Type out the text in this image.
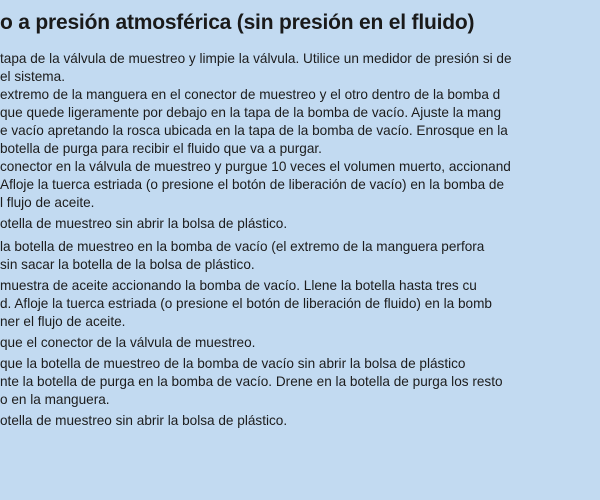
o a presión atmosférica (sin presión en el fluido)
tapa de la válvula de muestreo y limpie la válvula. Utilice un medidor de presión si de
el sistema.
extremo de la manguera en el conector de muestreo y el otro dentro de la bomba d
que quede ligeramente por debajo en la tapa de la bomba de vacío. Ajuste la mang
e vacío apretando la rosca ubicada en la tapa de la bomba de vacío. Enrosque en la
botella de purga para recibir el fluido que va a purgar.
conector en la válvula de muestreo y purgue 10 veces el volumen muerto, accionand
Afloje la tuerca estriada (o presione el botón de liberación de vacío) en la bomba de
l flujo de aceite.
otella de muestreo sin abrir la bolsa de plástico.
la botella de muestreo en la bomba de vacío (el extremo de la manguera perfora
sin sacar la botella de la bolsa de plástico.
muestra de aceite accionando la bomba de vacío. Llene la botella hasta tres cu
d. Afloje la tuerca estriada (o presione el botón de liberación de fluido) en la bomb
ner el flujo de aceite.
que el conector de la válvula de muestreo.
que la botella de muestreo de la bomba de vacío sin abrir la bolsa de plástico
nte la botella de purga en la bomba de vacío. Drene en la botella de purga los resto
o en la manguera.
otella de muestreo sin abrir la bolsa de plástico.
